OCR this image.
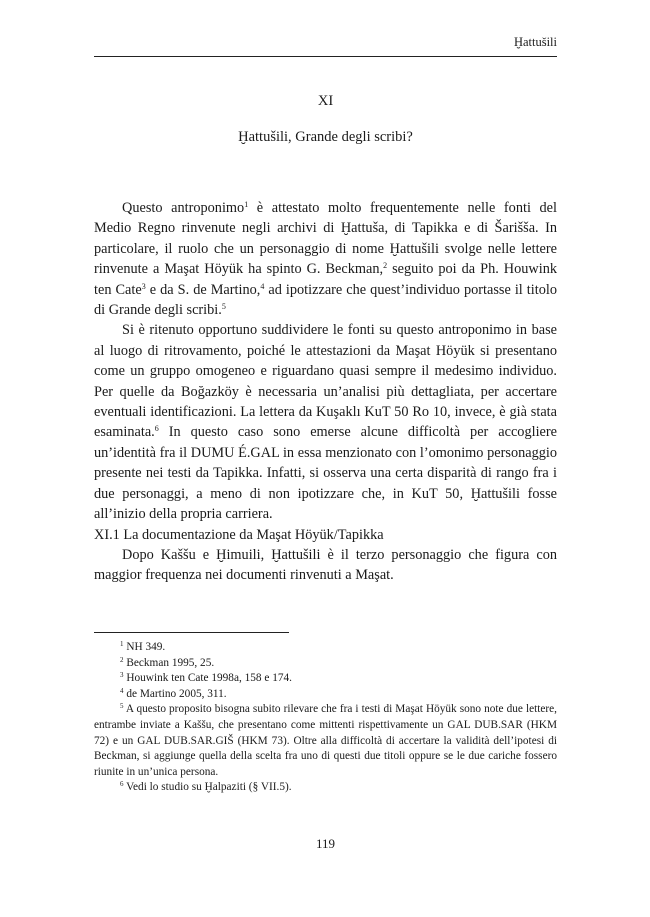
Ḫattušili
XI
Ḫattušili, Grande degli scribi?

Questo antroponimo$^1$ è attestato molto frequentemente nelle fonti del Medio Regno rinvenute negli archivi di Ḫattuša, di Tapikka e di Šarišša. In particolare, il ruolo che un personaggio di nome Ḫattušili svolge nelle lettere rinvenute a Maşat Höyük ha spinto G. Beckman,$^2$ seguito poi da Ph. Houwink ten Cate$^3$ e da S. de Martino,$^4$ ad ipotizzare che quest’individuo portasse il titolo di Grande degli scribi.$^5$

Si è ritenuto opportuno suddividere le fonti su questo antroponimo in base al luogo di ritrovamento, poiché le attestazioni da Maşat Höyük si presentano come un gruppo omogeneo e riguardano quasi sempre il medesimo individuo. Per quelle da Boğazköy è necessaria un’analisi più dettagliata, per accertare eventuali identificazioni. La lettera da Kuşaklı KuT 50 Ro 10, invece, è già stata esaminata.$^6$ In questo caso sono emerse alcune difficoltà per accogliere un’identità fra il DUMU É.GAL in essa menzionato con l’omonimo personaggio presente nei testi da Tapikka. Infatti, si osserva una certa disparità di rango fra i due personaggi, a meno di non ipotizzare che, in KuT 50, Ḫattušili fosse all’inizio della propria carriera.

XI.1 La documentazione da Maşat Höyük/Tapikka

Dopo Kaššu e Ḫimuili, Ḫattušili è il terzo personaggio che figura con maggior frequenza nei documenti rinvenuti a Maşat.

$^1$ NH 349.

$^2$ Beckman 1995, 25.

$^3$ Houwink ten Cate 1998a, 158 e 174.

$^4$ de Martino 2005, 311.

$^5$ A questo proposito bisogna subito rilevare che fra i testi di Maşat Höyük sono note due lettere, entrambe inviate a Kaššu, che presentano come mittenti rispettivamente un GAL DUB.SAR (HKM 72) e un GAL DUB.SAR.GIŠ (HKM 73). Oltre alla difficoltà di accertare la validità dell’ipotesi di Beckman, si aggiunge quella della scelta fra uno di questi due titoli oppure se le due cariche fossero riunite in un’unica persona.

$^6$ Vedi lo studio su Ḫalpaziti (§ VII.5).

119
